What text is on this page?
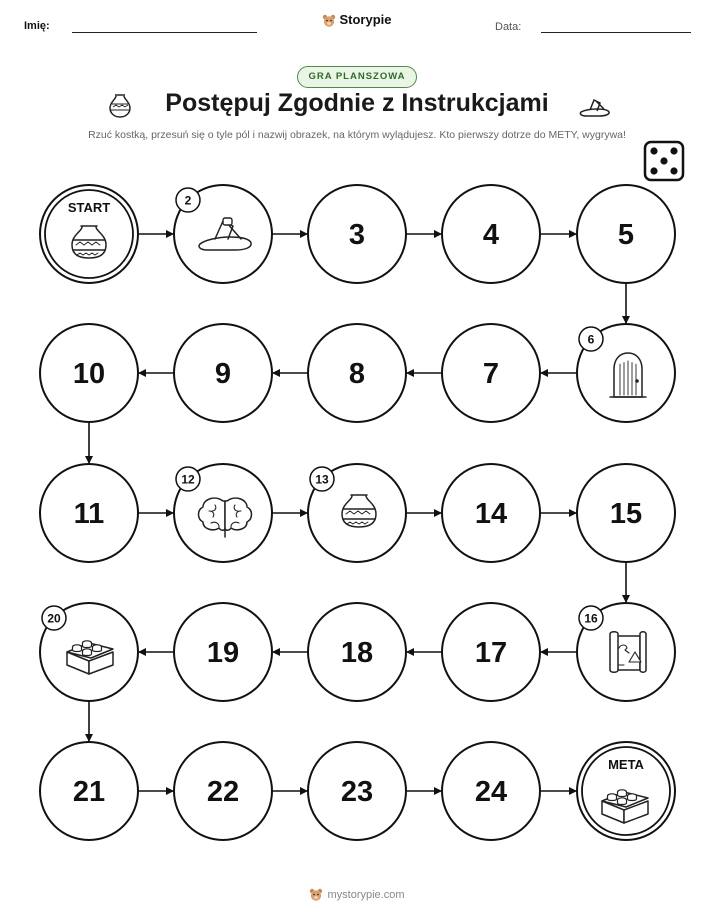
Imię:	Storypie	Data:
GRA PLANSZOWA
Postępuj Zgodnie z Instrukcjami
Rzuć kostką, przesuń się o tyle pól i nazwij obrazek, na którym wylądujesz. Kto pierwszy dotrze do METY, wygrywa!
START	2
3	4	5
6
7
8
9
10
11
12	13
14	15
16
17
18
19
20
21	22	23	24
META
mystorypie.com
